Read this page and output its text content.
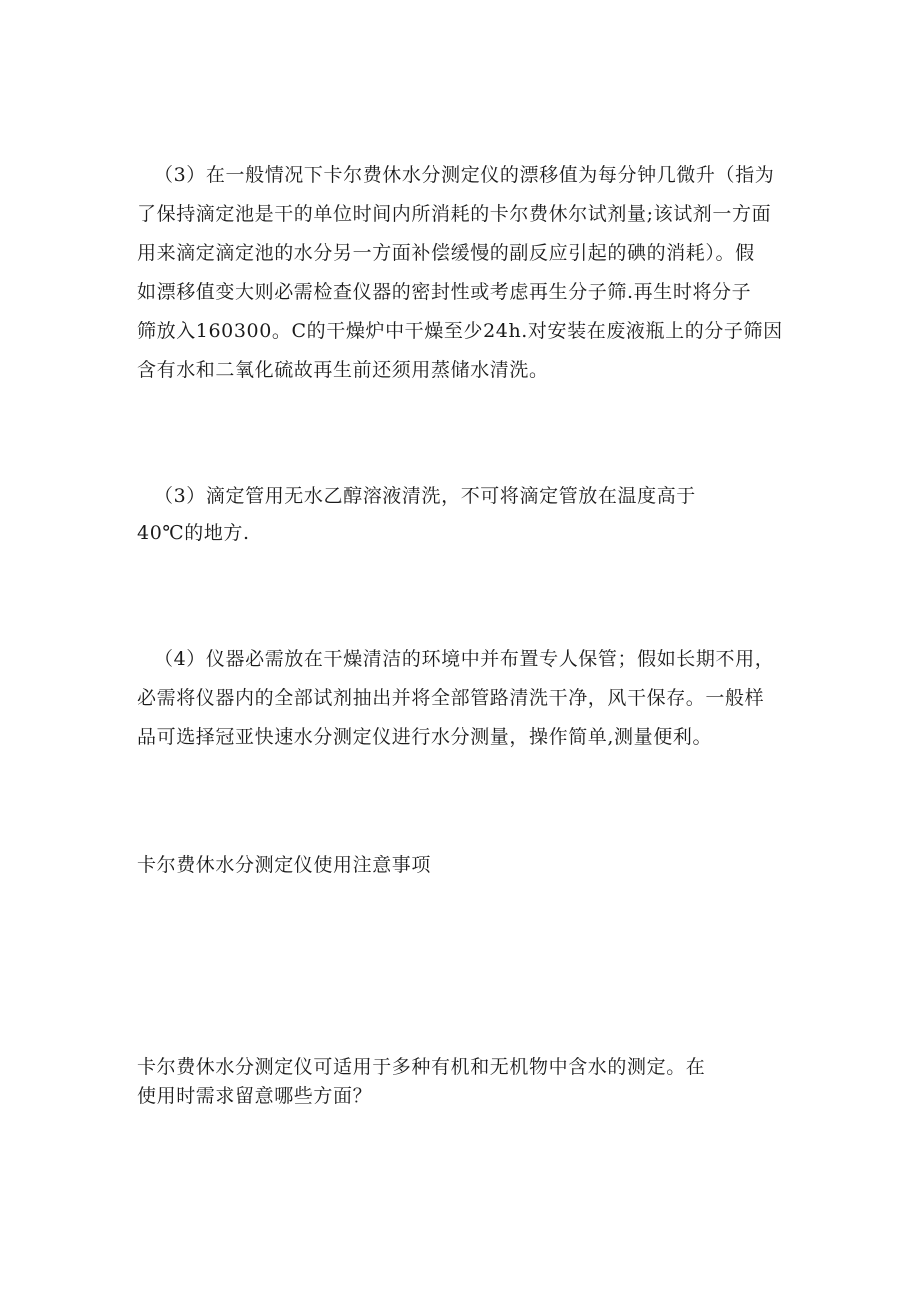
（3）在一般情况下卡尔费休水分测定仪的漂移值为每分钟几微升（指为
了保持滴定池是干的单位时间内所消耗的卡尔费休尔试剂量;该试剂一方面
用来滴定滴定池的水分另一方面补偿缓慢的副反应引起的碘的消耗）。假
如漂移值变大则必需检查仪器的密封性或考虑再生分子筛.再生时将分子
筛放入160300。C的干燥炉中干燥至少24h.对安装在废液瓶上的分子筛因
含有水和二氧化硫故再生前还须用蒸储水清洗。
（3）滴定管用无水乙醇溶液清洗，不可将滴定管放在温度高于
40℃的地方.
（4）仪器必需放在干燥清洁的环境中并布置专人保管；假如长期不用，
必需将仪器内的全部试剂抽出并将全部管路清洗干净，风干保存。一般样
品可选择冠亚快速水分测定仪进行水分测量，操作简单,测量便利。
卡尔费休水分测定仪使用注意事项
卡尔费休水分测定仪可适用于多种有机和无机物中含水的测定。在
使用时需求留意哪些方面？
